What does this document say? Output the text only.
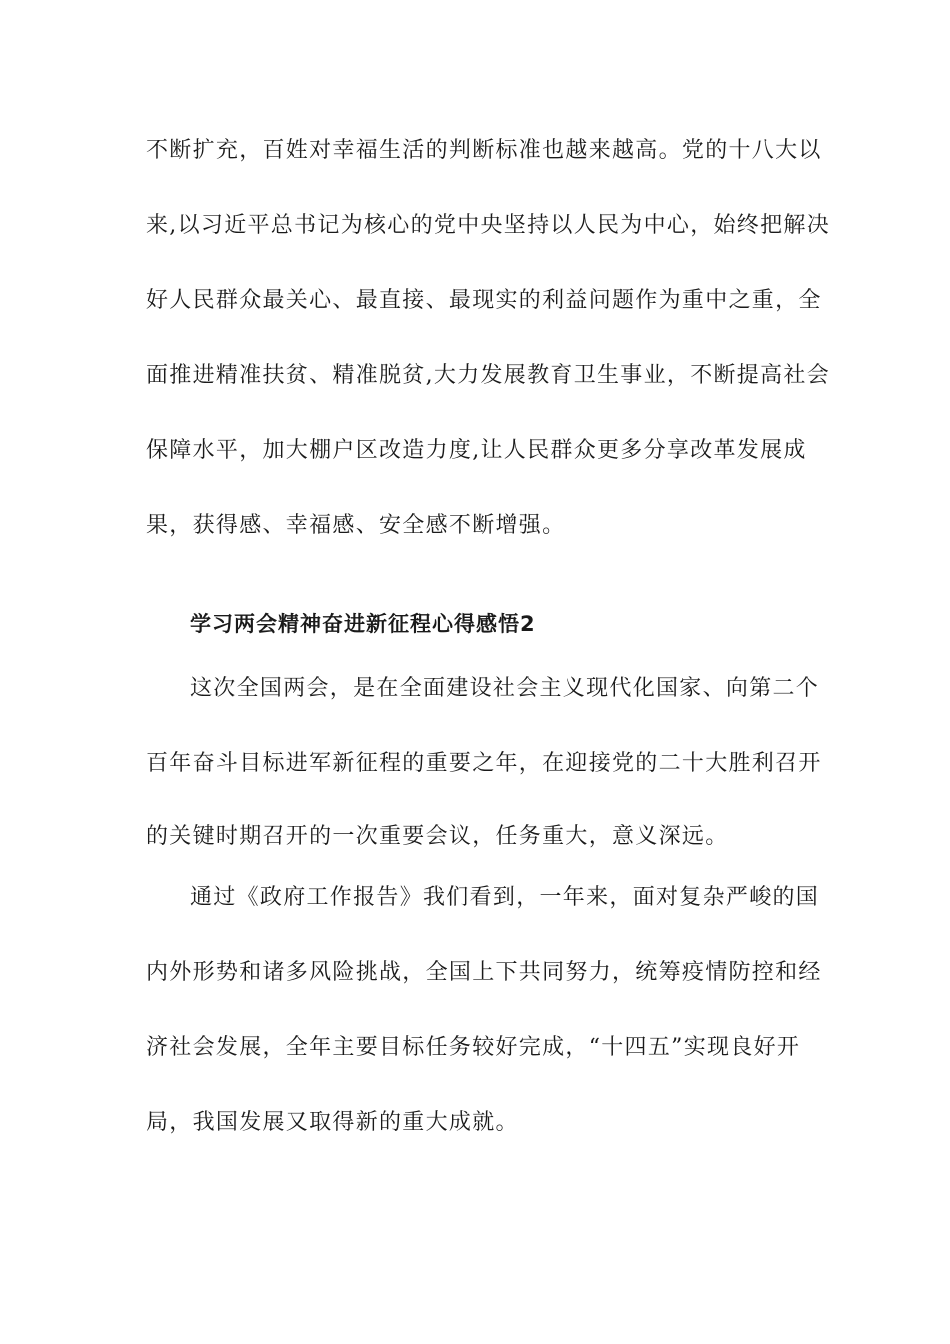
不断扩充，百姓对幸福生活的判断标准也越来越高。党的十八大以
来,以习近平总书记为核心的党中央坚持以人民为中心，始终把解决
好人民群众最关心、最直接、最现实的利益问题作为重中之重，全
面推进精准扶贫、精准脱贫,大力发展教育卫生事业，不断提高社会
保障水平，加大棚户区改造力度,让人民群众更多分享改革发展成
果，获得感、幸福感、安全感不断增强。
学习两会精神奋进新征程心得感悟2
这次全国两会，是在全面建设社会主义现代化国家、向第二个
百年奋斗目标进军新征程的重要之年，在迎接党的二十大胜利召开
的关键时期召开的一次重要会议，任务重大，意义深远。
通过《政府工作报告》我们看到，一年来，面对复杂严峻的国
内外形势和诸多风险挑战，全国上下共同努力，统筹疫情防控和经
济社会发展，全年主要目标任务较好完成，“十四五”实现良好开
局，我国发展又取得新的重大成就。
